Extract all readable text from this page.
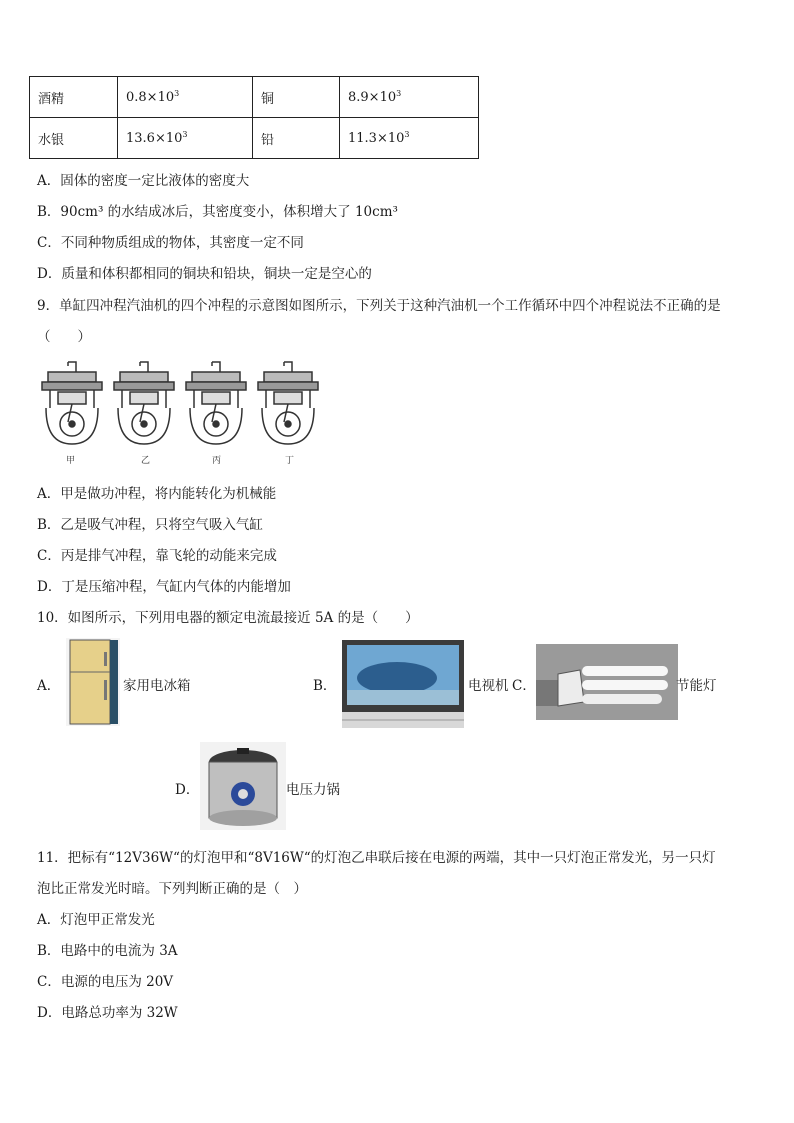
酒精	$0.8\times 10^3$	铜	$8.9\times 10^3$
水银	$13.6\times 10^3$	铅	$11.3\times 10^3$
A．固体的密度一定比液体的密度大
B．90cm³ 的水结成冰后，其密度变小，体积增大了 10cm³
C．不同种物质组成的物体，其密度一定不同
D．质量和体积都相同的铜块和铅块，铜块一定是空心的
9．单缸四冲程汽油机的四个冲程的示意图如图所示，下列关于这种汽油机一个工作循环中四个冲程说法不正确的是
（　　）
甲	乙	丙	丁
A．甲是做功冲程，将内能转化为机械能
B．乙是吸气冲程，只将空气吸入气缸
C．丙是排气冲程，靠飞轮的动能来完成
D．丁是压缩冲程，气缸内气体的内能增加
10．如图所示，下列用电器的额定电流最接近 5A 的是（　　）
A．	家用电冰箱	B．	电视机 C．	节能灯
D．	电压力锅
11．把标有“12V36W“的灯泡甲和“8V16W“的灯泡乙串联后接在电源的两端，其中一只灯泡正常发光，另一只灯
泡比正常发光时暗。下列判断正确的是（　）
A．灯泡甲正常发光
B．电路中的电流为 3A
C．电源的电压为 20V
D．电路总功率为 32W
